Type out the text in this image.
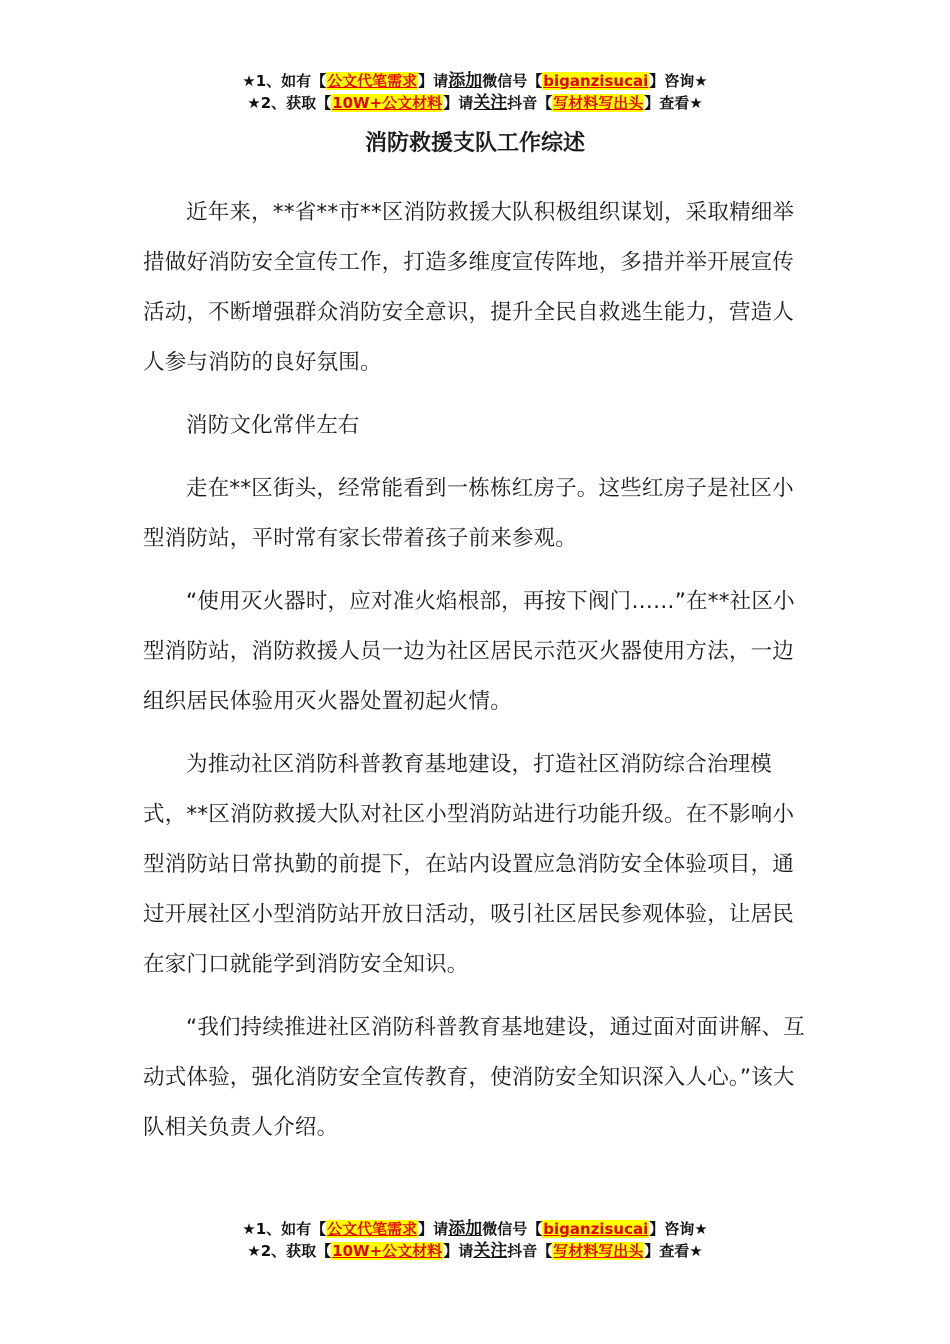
★1、如有【公文代笔需求】请添加微信号【biganzisucai】咨询★
★2、获取【10W+公文材料】请关注抖音【写材料写出头】查看★
消防救援支队工作综述

近年来，**省**市**区消防救援大队积极组织谋划，采取精细举措做好消防安全宣传工作，打造多维度宣传阵地，多措并举开展宣传活动，不断增强群众消防安全意识，提升全民自救逃生能力，营造人人参与消防的良好氛围。

消防文化常伴左右

走在**区街头，经常能看到一栋栋红房子。这些红房子是社区小型消防站，平时常有家长带着孩子前来参观。

“使用灭火器时，应对准火焰根部，再按下阀门……”在**社区小型消防站，消防救援人员一边为社区居民示范灭火器使用方法，一边组织居民体验用灭火器处置初起火情。

为推动社区消防科普教育基地建设，打造社区消防综合治理模式，**区消防救援大队对社区小型消防站进行功能升级。在不影响小型消防站日常执勤的前提下，在站内设置应急消防安全体验项目，通过开展社区小型消防站开放日活动，吸引社区居民参观体验，让居民在家门口就能学到消防安全知识。

“我们持续推进社区消防科普教育基地建设，通过面对面讲解、互动式体验，强化消防安全宣传教育，使消防安全知识深入人心。”该大队相关负责人介绍。

★1、如有【公文代笔需求】请添加微信号【biganzisucai】咨询★
★2、获取【10W+公文材料】请关注抖音【写材料写出头】查看★
